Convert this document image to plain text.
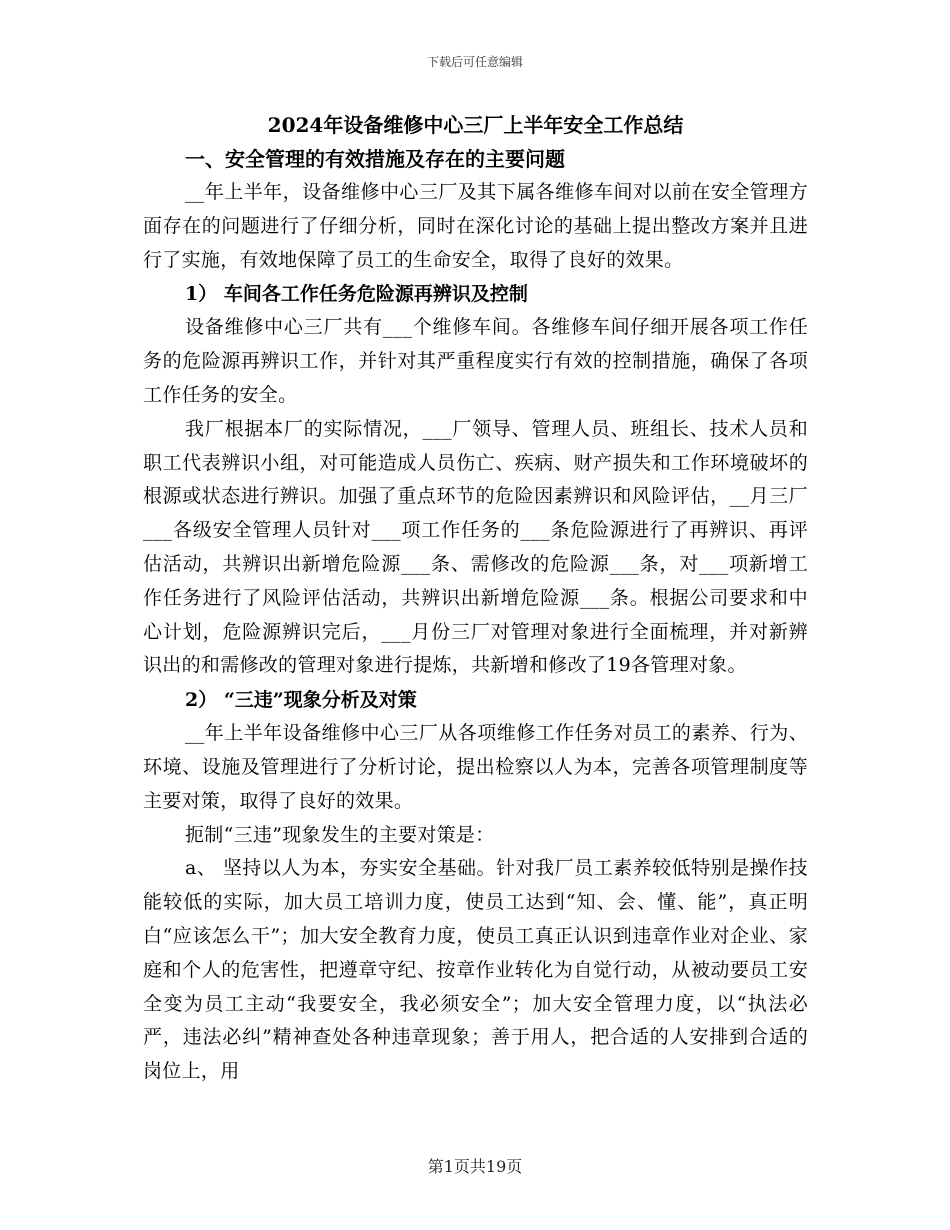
下载后可任意编辑
2024年设备维修中心三厂上半年安全工作总结
一、安全管理的有效措施及存在的主要问题

__年上半年，设备维修中心三厂及其下属各维修车间对以前在安全管理方面存在的问题进行了仔细分析，同时在深化讨论的基础上提出整改方案并且进行了实施，有效地保障了员工的生命安全，取得了良好的效果。

1） 车间各工作任务危险源再辨识及控制

设备维修中心三厂共有___个维修车间。各维修车间仔细开展各项工作任务的危险源再辨识工作，并针对其严重程度实行有效的控制措施，确保了各项工作任务的安全。

我厂根据本厂的实际情况，___厂领导、管理人员、班组长、技术人员和职工代表辨识小组，对可能造成人员伤亡、疾病、财产损失和工作环境破坏的根源或状态进行辨识。加强了重点环节的危险因素辨识和风险评估，__月三厂___各级安全管理人员针对___项工作任务的___条危险源进行了再辨识、再评估活动，共辨识出新增危险源___条、需修改的危险源___条，对___项新增工作任务进行了风险评估活动，共辨识出新增危险源___条。根据公司要求和中心计划，危险源辨识完后，___月份三厂对管理对象进行全面梳理，并对新辨识出的和需修改的管理对象进行提炼，共新增和修改了19各管理对象。

2） “三违”现象分析及对策

__年上半年设备维修中心三厂从各项维修工作任务对员工的素养、行为、环境、设施及管理进行了分析讨论，提出检察以人为本，完善各项管理制度等主要对策，取得了良好的效果。

扼制“三违”现象发生的主要对策是：

a、 坚持以人为本，夯实安全基础。针对我厂员工素养较低特别是操作技能较低的实际，加大员工培训力度，使员工达到“知、会、懂、能”，真正明白“应该怎么干”；加大安全教育力度，使员工真正认识到违章作业对企业、家庭和个人的危害性，把遵章守纪、按章作业转化为自觉行动，从被动要员工安全变为员工主动“我要安全，我必须安全”；加大安全管理力度，以“执法必严，违法必纠”精神查处各种违章现象；善于用人，把合适的人安排到合适的岗位上，用

第1页共19页
